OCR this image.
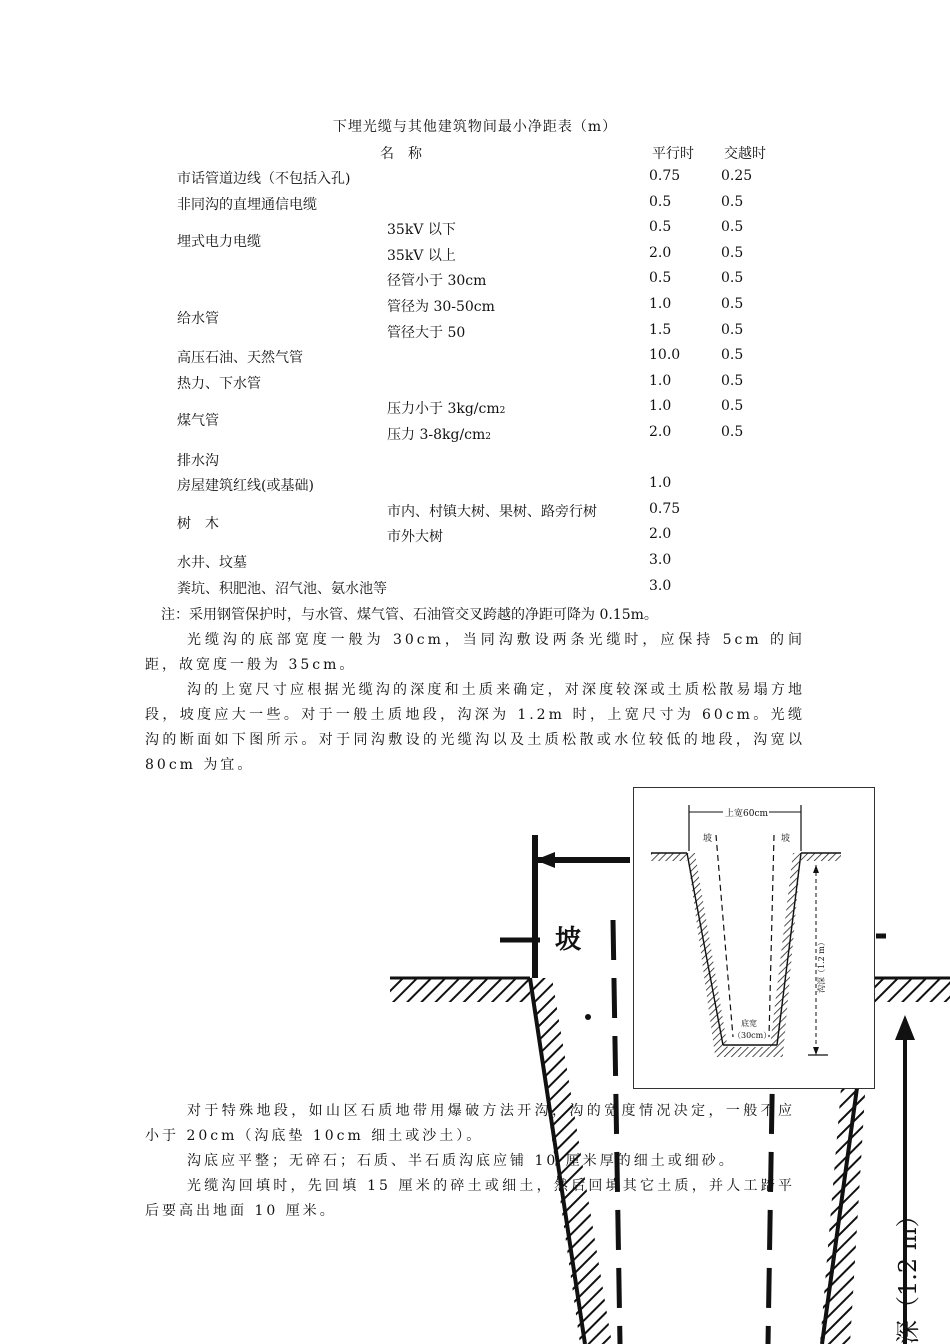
下埋光缆与其他建筑物间最小净距表（m）
名　称	平行时 交越时
市话管道边线（不包括入孔)	0.75	0.25
非同沟的直埋通信电缆	0.5	0.5
埋式电力电缆
35kV 以下	0.5	0.5
35kV 以上	2.0	0.5
径管小于 30cm	0.5	0.5
给水管
管径为 30-50cm	1.0	0.5
管径大于 50	1.5	0.5
高压石油、天然气管	10.0	0.5
热力、下水管	1.0	0.5
煤气管
压力小于 3kg/cm2	1.0	0.5
压力 3-8kg/cm2	2.0	0.5
排水沟
房屋建筑红线(或基础)	1.0
树　木
市内、村镇大树、果树、路旁行树	0.75
市外大树	2.0
水井、坟墓	3.0
粪坑、积肥池、沼气池、氨水池等	3.0
注：采用钢管保护时，与水管、煤气管、石油管交叉跨越的净距可降为 0.15m。

光缆沟的底部宽度一般为 30cm，当同沟敷设两条光缆时，应保持 5cm 的间距，故宽度一般为 35cm。

沟的上宽尺寸应根据光缆沟的深度和土质来确定，对深度较深或土质松散易塌方地段，坡度应大一些。对于一般土质地段，沟深为 1.2m 时，上宽尺寸为 60cm。光缆沟的断面如下图所示。对于同沟敷设的光缆沟以及土质松散或水位较低的地段，沟宽以 80cm 为宜。

坡
深（1.2 m）
上宽60cm
坡	坡
沟深（1.2 m）
底宽
（30cm）

对于特殊地段，如山区石质地带用爆破方法开沟，沟的宽度情况决定，一般不应小于 20cm（沟底垫 10cm 细土或沙土）。

沟底应平整；无碎石；石质、半石质沟底应铺 10 厘米厚的细土或细砂。

光缆沟回填时，先回填 15 厘米的碎土或细土，然后回填其它土质，并人工踏平后要高出地面 10 厘米。
